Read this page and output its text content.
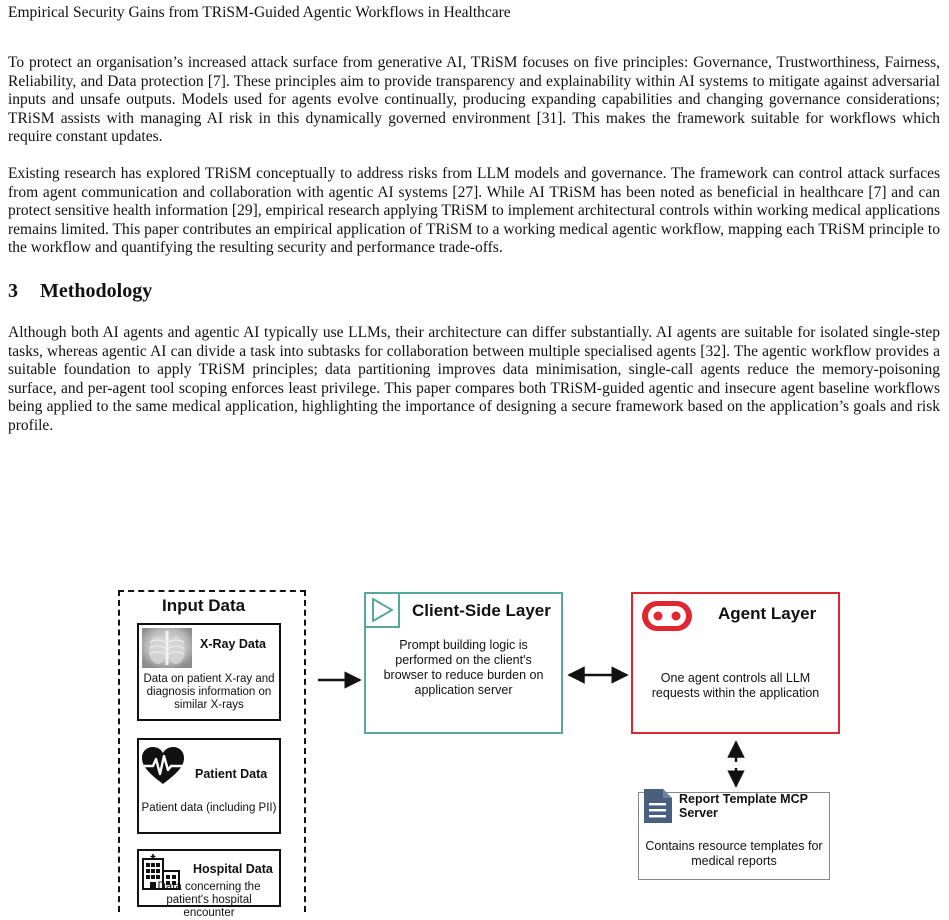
Empirical Security Gains from TRiSM-Guided Agentic Workflows in Healthcare

To protect an organisation’s increased attack surface from generative AI, TRiSM focuses on five principles: Governance, Trustworthiness, Fairness, Reliability, and Data protection [7]. These principles aim to provide transparency and explainability within AI systems to mitigate against adversarial inputs and unsafe outputs. Models used for agents evolve continually, producing expanding capabilities and changing governance considerations; TRiSM assists with managing AI risk in this dynamically governed environment [31]. This makes the framework suitable for workflows which require constant updates.

Existing research has explored TRiSM conceptually to address risks from LLM models and governance. The framework can control attack surfaces from agent communication and collaboration with agentic AI systems [27]. While AI TRiSM has been noted as beneficial in healthcare [7] and can protect sensitive health information [29], empirical research applying TRiSM to implement architectural controls within working medical applications remains limited. This paper contributes an empirical application of TRiSM to a working medical agentic workflow, mapping each TRiSM principle to the workflow and quantifying the resulting security and performance trade-offs.

3 Methodology

Although both AI agents and agentic AI typically use LLMs, their architecture can differ substantially. AI agents are suitable for isolated single-step tasks, whereas agentic AI can divide a task into subtasks for collaboration between multiple specialised agents [32]. The agentic workflow provides a suitable foundation to apply TRiSM principles; data partitioning improves data minimisation, single-call agents reduce the memory-poisoning surface, and per-agent tool scoping enforces least privilege. This paper compares both TRiSM-guided agentic and insecure agent baseline workflows being applied to the same medical application, highlighting the importance of designing a secure framework based on the application’s goals and risk profile.

Input Data
X-Ray Data
Data on patient X-ray and diagnosis information on similar X-rays
Patient Data
Patient data (including PII)
Hospital Data
Data concerning the patient's hospital encounter
Client-Side Layer
Prompt building logic is performed on the client's browser to reduce burden on application server
Agent Layer
One agent controls all LLM requests within the application
Report Template MCP Server
Contains resource templates for medical reports
